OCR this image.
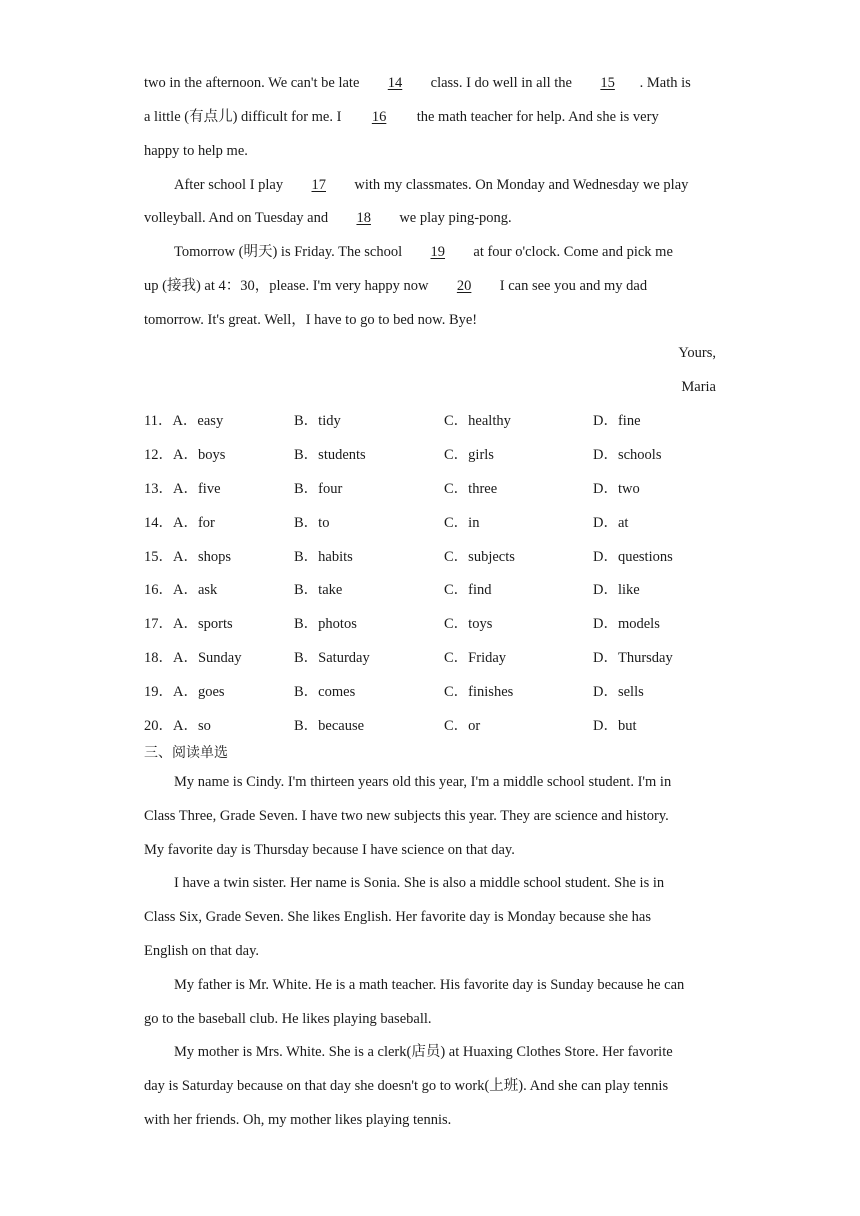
two in the afternoon. We can't be late 14 class. I do well in all the 15 . Math is
a little (有点儿) difficult for me. I 16 the math teacher for help. And she is very
happy to help me.
After school I play 17 with my classmates. On Monday and Wednesday we play
volleyball. And on Tuesday and 18 we play ping-pong.
Tomorrow (明天) is Friday. The school 19 at four o'clock. Come and pick me
up (接我) at 4：30，please. I'm very happy now 20 I can see you and my dad
tomorrow. It's great. Well，I have to go to bed now. Bye!
Yours,
Maria
11．A．easy	B．tidy	C．healthy	D．fine
12．A．boys	B．students	C．girls	D．schools
13．A．five	B．four	C．three	D．two
14．A．for	B．to	C．in	D．at
15．A．shops	B．habits	C．subjects	D．questions
16．A．ask	B．take	C．find	D．like
17．A．sports	B．photos	C．toys	D．models
18．A．Sunday	B．Saturday	C．Friday	D．Thursday
19．A．goes	B．comes	C．finishes	D．sells
20．A．so	B．because	C．or	D．but
三、阅读单选
My name is Cindy. I'm thirteen years old this year, I'm a middle school student. I'm in
Class Three, Grade Seven. I have two new subjects this year. They are science and history.
My favorite day is Thursday because I have science on that day.
I have a twin sister. Her name is Sonia. She is also a middle school student. She is in
Class Six, Grade Seven. She likes English. Her favorite day is Monday because she has
English on that day.
My father is Mr. White. He is a math teacher. His favorite day is Sunday because he can
go to the baseball club. He likes playing baseball.
My mother is Mrs. White. She is a clerk(店员) at Huaxing Clothes Store. Her favorite
day is Saturday because on that day she doesn't go to work(上班). And she can play tennis
with her friends. Oh, my mother likes playing tennis.
